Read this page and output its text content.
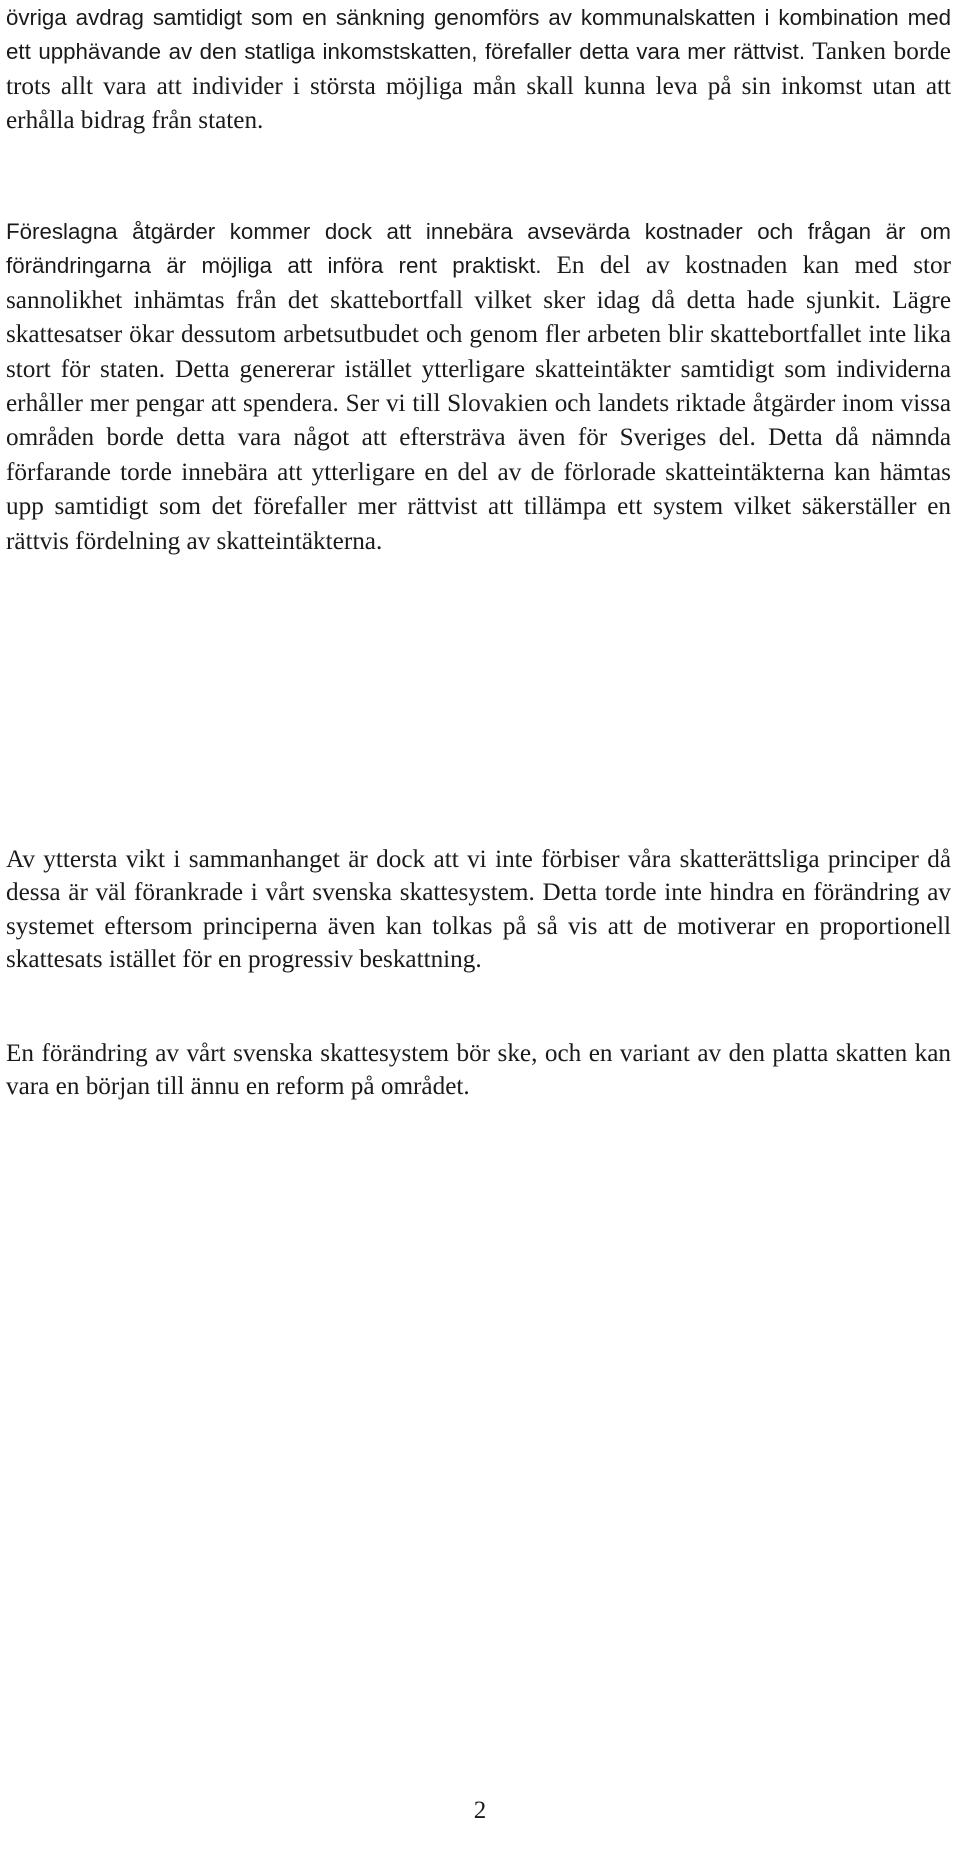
övriga avdrag samtidigt som en sänkning genomförs av kommunalskatten i kombination med ett upphävande av den statliga inkomstskatten, förefaller detta vara mer rättvist. Tanken borde trots allt vara att individer i största möjliga mån skall kunna leva på sin inkomst utan att erhålla bidrag från staten.

Föreslagna åtgärder kommer dock att innebära avsevärda kostnader och frågan är om förändringarna är möjliga att införa rent praktiskt. En del av kostnaden kan med stor sannolikhet inhämtas från det skattebortfall vilket sker idag då detta hade sjunkit. Lägre skattesatser ökar dessutom arbetsutbudet och genom fler arbeten blir skattebortfallet inte lika stort för staten. Detta genererar istället ytterligare skatteintäkter samtidigt som individerna erhåller mer pengar att spendera. Ser vi till Slovakien och landets riktade åtgärder inom vissa områden borde detta vara något att eftersträva även för Sveriges del. Detta då nämnda förfarande torde innebära att ytterligare en del av de förlorade skatteintäkterna kan hämtas upp samtidigt som det förefaller mer rättvist att tillämpa ett system vilket säkerställer en rättvis fördelning av skatteintäkterna.

Av yttersta vikt i sammanhanget är dock att vi inte förbiser våra skatterättsliga principer då dessa är väl förankrade i vårt svenska skattesystem. Detta torde inte hindra en förändring av systemet eftersom principerna även kan tolkas på så vis att de motiverar en proportionell skattesats istället för en progressiv beskattning.

En förändring av vårt svenska skattesystem bör ske, och en variant av den platta skatten kan vara en början till ännu en reform på området.

2
